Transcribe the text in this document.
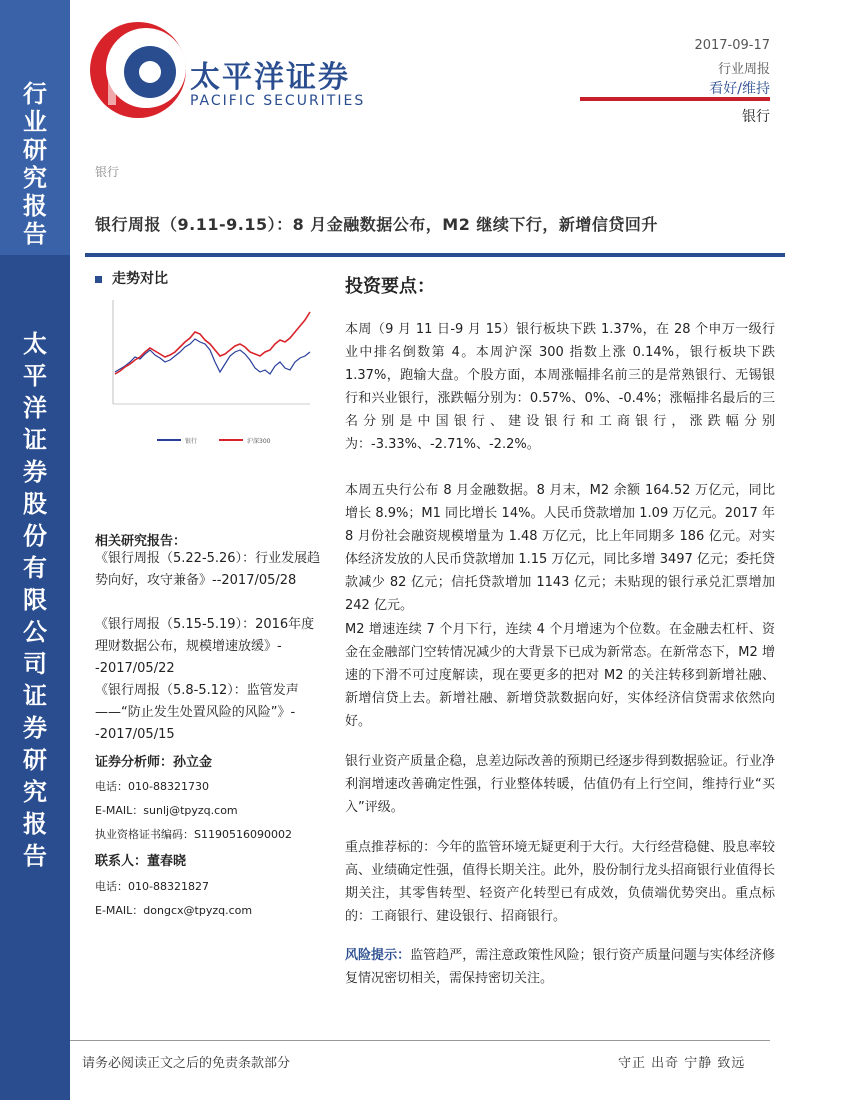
行业研究报告
太平洋证券股份有限公司证券研究报告
太平洋证券
PACIFIC SECURITIES
2017-09-17
行业周报
看好/维持
银行
银行
银行周报（9.11-9.15）：8 月金融数据公布，M2 继续下行，新增信贷回升
走势对比
银行	沪深300
相关研究报告：
《银行周报（5.22-5.26）：行业发展趋势向好，攻守兼备》--2017/05/28
《银行周报（5.15-5.19）：2016年度理财数据公布，规模增速放缓》--2017/05/22
《银行周报（5.8-5.12）：监管发声——“防止发生处置风险的风险”》--2017/05/15
证券分析师：孙立金
电话：010-88321730
E-MAIL：sunlj@tpyzq.com
执业资格证书编码：S1190516090002
联系人：董春晓
电话：010-88321827
E-MAIL：dongcx@tpyzq.com
投资要点：
本周（9 月 11 日-9 月 15）银行板块下跌 1.37%，在 28 个申万一级行业中排名倒数第 4。本周沪深 300 指数上涨 0.14%，银行板块下跌 1.37%，跑输大盘。个股方面，本周涨幅排名前三的是常熟银行、无锡银行和兴业银行，涨跌幅分别为：0.57%、0%、-0.4%；涨幅排名最后的三名分别是中国银行、建设银行和工商银行，涨跌幅分别为：-3.33%、-2.71%、-2.2%。
本周五央行公布 8 月金融数据。8 月末，M2 余额 164.52 万亿元，同比增长 8.9%；M1 同比增长 14%。人民币贷款增加 1.09 万亿元。2017 年 8 月份社会融资规模增量为 1.48 万亿元，比上年同期多 186 亿元。对实体经济发放的人民币贷款增加 1.15 万亿元，同比多增 3497 亿元；委托贷款减少 82 亿元；信托贷款增加 1143 亿元；未贴现的银行承兑汇票增加 242 亿元。
M2 增速连续 7 个月下行，连续 4 个月增速为个位数。在金融去杠杆、资金在金融部门空转情况减少的大背景下已成为新常态。在新常态下，M2 增速的下滑不可过度解读，现在要更多的把对 M2 的关注转移到新增社融、新增信贷上去。新增社融、新增贷款数据向好，实体经济信贷需求依然向好。
银行业资产质量企稳，息差边际改善的预期已经逐步得到数据验证。行业净利润增速改善确定性强，行业整体转暖，估值仍有上行空间，维持行业“买入”评级。
重点推荐标的：今年的监管环境无疑更利于大行。大行经营稳健、股息率较高、业绩确定性强，值得长期关注。此外，股份制行龙头招商银行业值得长期关注，其零售转型、轻资产化转型已有成效，负债端优势突出。重点标的：工商银行、建设银行、招商银行。
风险提示：监管趋严，需注意政策性风险；银行资产质量问题与实体经济修复情况密切相关，需保持密切关注。
请务必阅读正文之后的免责条款部分	守正 出奇 宁静 致远
